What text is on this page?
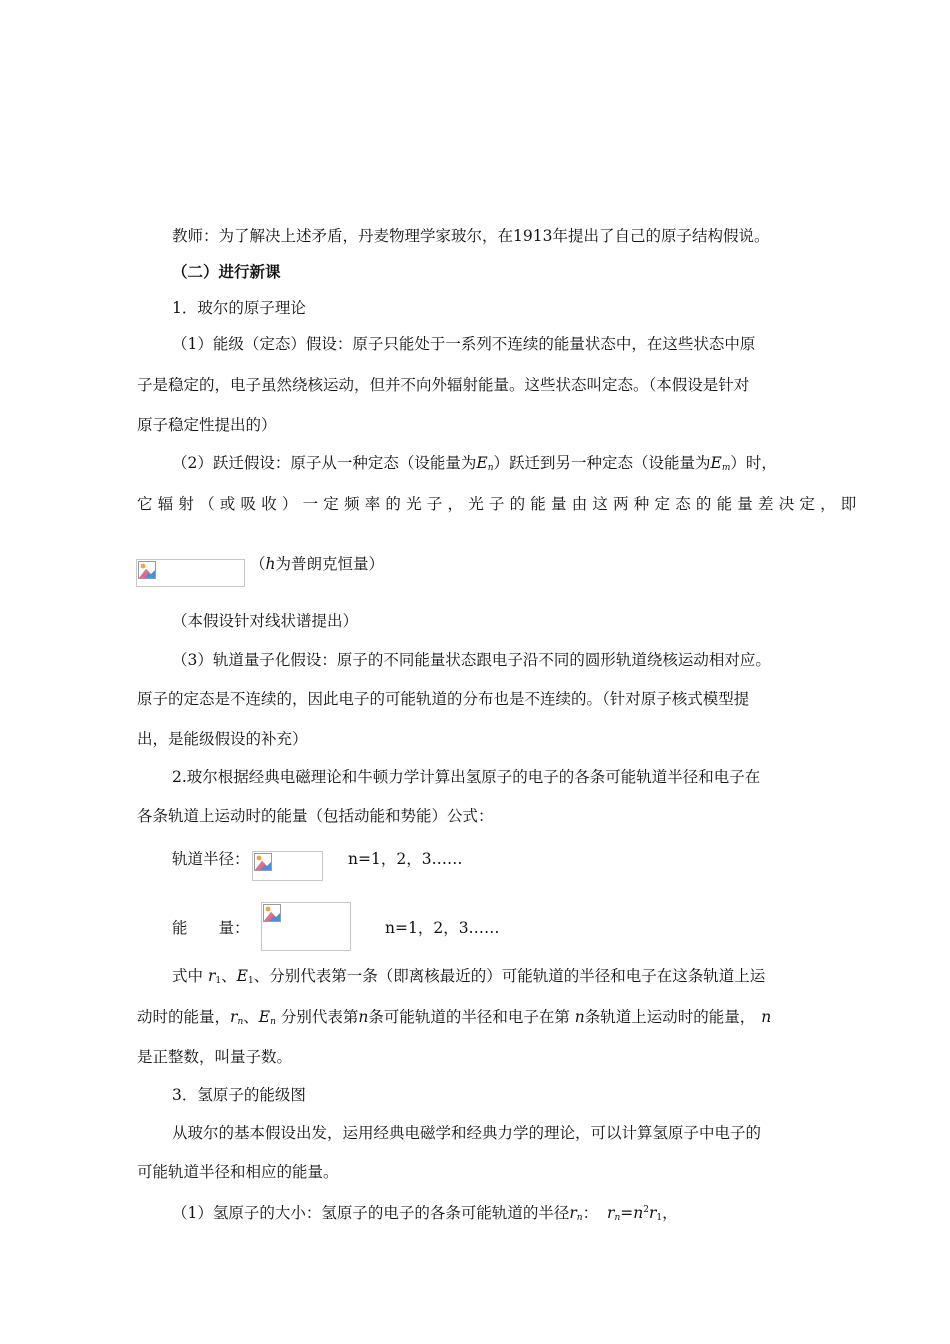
教师：为了解决上述矛盾，丹麦物理学家玻尔，在1913年提出了自己的原子结构假说。
（二）进行新课
1．玻尔的原子理论
（1）能级（定态）假设：原子只能处于一系列不连续的能量状态中，在这些状态中原
子是稳定的，电子虽然绕核运动，但并不向外辐射能量。这些状态叫定态。（本假设是针对
原子稳定性提出的）
（2）跃迁假设：原子从一种定态（设能量为$E_n$）跃迁到另一种定态（设能量为$E_m$）时，
它辐射（或吸收）一定频率的光子，光子的能量由这两种定态的能量差决定，即
（h为普朗克恒量）
（本假设针对线状谱提出）
（3）轨道量子化假设：原子的不同能量状态跟电子沿不同的圆形轨道绕核运动相对应。
原子的定态是不连续的，因此电子的可能轨道的分布也是不连续的。（针对原子核式模型提
出，是能级假设的补充）
2.玻尔根据经典电磁理论和牛顿力学计算出氢原子的电子的各条可能轨道半径和电子在
各条轨道上运动时的能量（包括动能和势能）公式：
轨道半径：	n=1，2，3……
能　　量：	n=1，2，3……
式中 $r_1$、$E_1$、分别代表第一条（即离核最近的）可能轨道的半径和电子在这条轨道上运
动时的能量，$r_n$、$E_n$ 分别代表第n条可能轨道的半径和电子在第 n条轨道上运动时的能量， n
是正整数，叫量子数。
3．氢原子的能级图
从玻尔的基本假设出发，运用经典电磁学和经典力学的理论，可以计算氢原子中电子的
可能轨道半径和相应的能量。
（1）氢原子的大小：氢原子的电子的各条可能轨道的半径$r_n$： $r_n=n^2r_1$，
